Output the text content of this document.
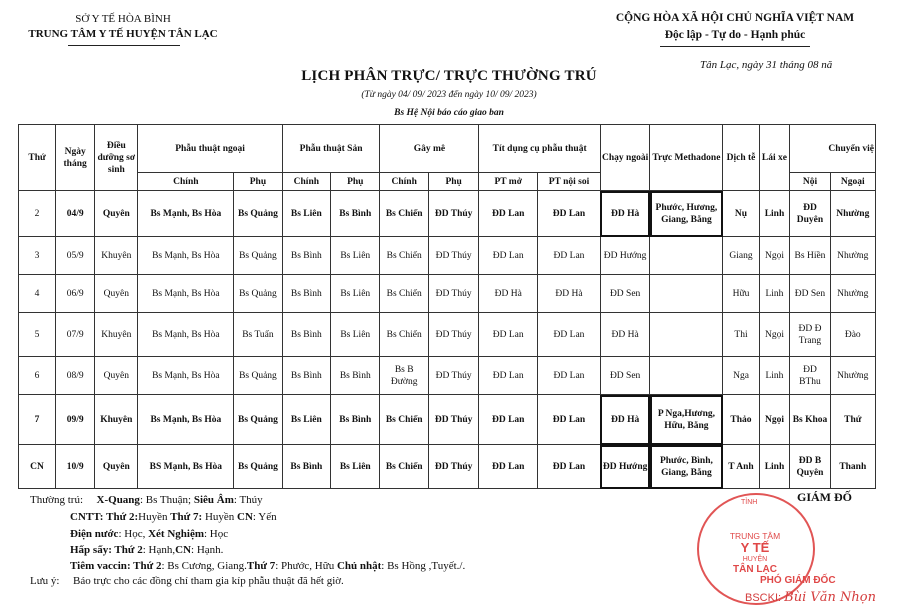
SỞ Y TẾ HÒA BÌNH
TRUNG TÂM Y TẾ HUYỆN TÂN LẠC
CỘNG HÒA XÃ HỘI CHỦ NGHĨA VIỆT NAM
Độc lập - Tự do - Hạnh phúc
Tân Lạc, ngày 31 tháng 08 nă
LỊCH PHÂN TRỰC/ TRỰC THƯỜNG TRÚ
(Từ ngày 04/ 09/ 2023 đến ngày 10/ 09/ 2023)
Bs Hệ Nội báo cáo giao ban
Thứ	Ngày tháng	Điều dưỡng sơ sinh	Phẫu thuật ngoại		Phẫu thuật Sản		Gây mê		Tít dụng cụ phẫu thuật		Chạy ngoài	Trực Methadone	Dịch tễ	Lái xe	Chuyển việ	
			Chính	Phụ	Chính	Phụ	Chính	Phụ	PT mở	PT nội soi					Nội	Ngoại
2	04/9	Quyên	Bs Mạnh, Bs Hòa	Bs Quảng	Bs Liên	Bs Bình	Bs Chiến	ĐD Thúy	ĐD Lan	ĐD Lan	ĐD Hà	Phước, Hương, Giang, Bằng	Nụ	Linh	ĐD Duyên	Nhường
3	05/9	Khuyên	Bs Mạnh, Bs Hòa	Bs Quảng	Bs Bình	Bs Liên	Bs Chiến	ĐD Thúy	ĐD Lan	ĐD Lan	ĐD Hướng		Giang	Ngọi	Bs Hiền	Nhường
4	06/9	Quyên	Bs Mạnh, Bs Hòa	Bs Quảng	Bs Bình	Bs Liên	Bs Chiến	ĐD Thúy	ĐD Hà	ĐD Hà	ĐD Sen		Hữu	Linh	ĐD Sen	Nhường
5	07/9	Khuyên	Bs Mạnh, Bs Hòa	Bs Tuấn	Bs Bình	Bs Liên	Bs Chiến	ĐD Thúy	ĐD Lan	ĐD Lan	ĐD Hà		Thi	Ngọi	ĐD Đ Trang	Đào
6	08/9	Quyên	Bs Mạnh, Bs Hòa	Bs Quảng	Bs Bình	Bs Bình	Bs B Đường	ĐD Thúy	ĐD Lan	ĐD Lan	ĐD Sen		Nga	Linh	ĐD BThu	Nhường
7	09/9	Khuyên	Bs Mạnh, Bs Hòa	Bs Quảng	Bs Liên	Bs Bình	Bs Chiến	ĐD Thúy	ĐD Lan	ĐD Lan	ĐD Hà	P Nga,Hương, Hữu, Bằng	Thảo	Ngọi	Bs Khoa	Thứ
CN	10/9	Quyên	BS Mạnh, Bs Hòa	Bs Quảng	Bs Bình	Bs Liên	Bs Chiến	ĐD Thúy	ĐD Lan	ĐD Lan	ĐD Hướng	Phước, Bình, Giang, Bằng	T Anh	Linh	ĐD B Quyên	Thanh
Thường trú: X-Quang: Bs Thuận; Siêu Âm: Thúy
CNTT: Thứ 2:Huyền Thứ 7: Huyền CN: Yến
Điện nước: Học, Xét Nghiệm: Học
Hấp sấy: Thứ 2: Hạnh,CN: Hạnh.
Tiêm vaccin: Thứ 2: Bs Cương, Giang.Thứ 7: Phước, Hữu Chủ nhật: Bs Hồng ,Tuyết./.
Lưu ý: Báo trực cho các đồng chí tham gia kíp phẫu thuật đã hết giờ.
GIÁM ĐỐ
TỈNH
TRUNG TÂM
Y TẾ
HUYỆN
TÂN LẠC
PHÓ GIÁM ĐỐC
BSCKI: Bùi Văn Nhọn
